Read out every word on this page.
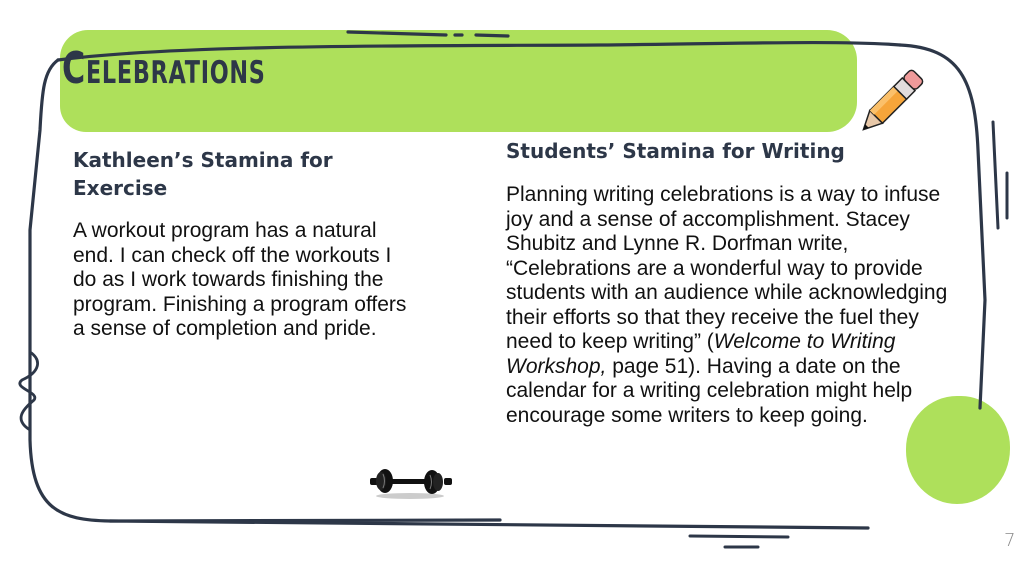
Celebrations
Kathleen’s Stamina for Exercise
A workout program has a natural end. I can check off the workouts I do as I work towards finishing the program. Finishing a program offers a sense of completion and pride.
Students’ Stamina for Writing
Planning writing celebrations is a way to infuse joy and a sense of accomplishment. Stacey Shubitz and Lynne R. Dorfman write, “Celebrations are a wonderful way to provide students with an audience while acknowledging their efforts so that they receive the fuel they need to keep writing” (Welcome to Writing Workshop, page 51). Having a date on the calendar for a writing celebration might help encourage some writers to keep going.
7
